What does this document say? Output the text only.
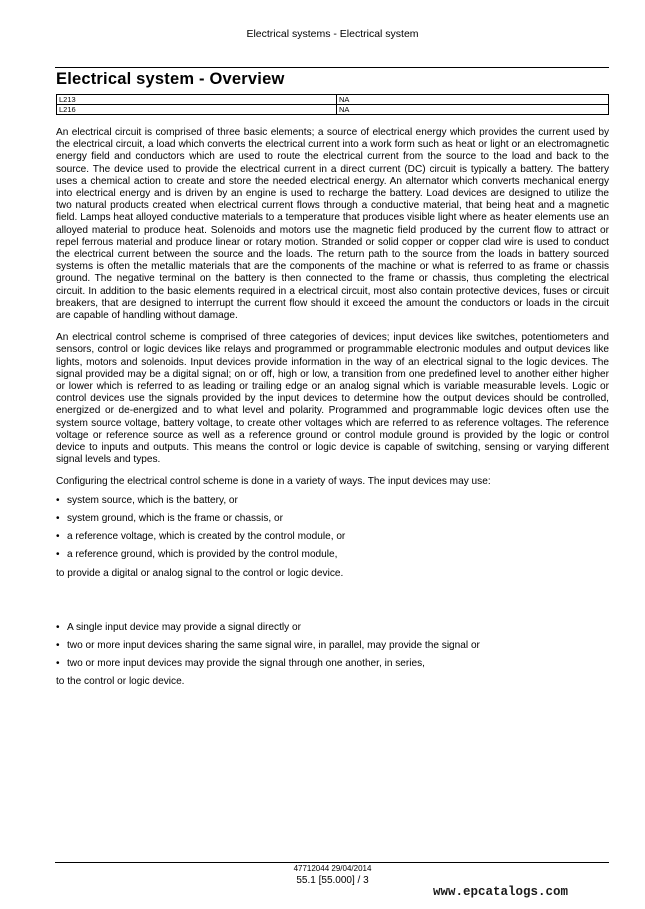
Electrical systems - Electrical system
Electrical system - Overview
L213	NA
L216	NA

An electrical circuit is comprised of three basic elements; a source of electrical energy which provides the current used by the electrical circuit, a load which converts the electrical current into a work form such as heat or light or an electromagnetic energy field and conductors which are used to route the electrical current from the source to the load and back to the source. The device used to provide the electrical current in a direct current (DC) circuit is typically a battery. The battery uses a chemical action to create and store the needed electrical energy. An alternator which converts mechanical energy into electrical energy and is driven by an engine is used to recharge the battery. Load devices are designed to utilize the two natural products created when electrical current flows through a conductive material, that being heat and a magnetic field. Lamps heat alloyed conductive materials to a temperature that produces visible light where as heater elements use an alloyed material to produce heat. Solenoids and motors use the magnetic field produced by the current flow to attract or repel ferrous material and produce linear or rotary motion. Stranded or solid copper or copper clad wire is used to conduct the electrical current between the source and the loads. The return path to the source from the loads in battery sourced systems is often the metallic materials that are the components of the machine or what is referred to as frame or chassis ground. The negative terminal on the battery is then connected to the frame or chassis, thus completing the electrical circuit. In addition to the basic elements required in a electrical circuit, most also contain protective devices, fuses or circuit breakers, that are designed to interrupt the current flow should it exceed the amount the conductors or loads in the circuit are capable of handling without damage.

An electrical control scheme is comprised of three categories of devices; input devices like switches, potentiometers and sensors, control or logic devices like relays and programmed or programmable electronic modules and output devices like lights, motors and solenoids. Input devices provide information in the way of an electrical signal to the logic devices. The signal provided may be a digital signal; on or off, high or low, a transition from one predefined level to another either higher or lower which is referred to as leading or trailing edge or an analog signal which is variable measurable levels. Logic or control devices use the signals provided by the input devices to determine how the output devices should be controlled, energized or de-energized and to what level and polarity. Programmed and programmable logic devices often use the system source voltage, battery voltage, to create other voltages which are referred to as reference voltages. The reference voltage or reference source as well as a reference ground or control module ground is provided by the logic or control device to inputs and outputs. This means the control or logic device is capable of switching, sensing or varying different signal levels and types.

Configuring the electrical control scheme is done in a variety of ways. The input devices may use:

• system source, which is the battery, or
• system ground, which is the frame or chassis, or
• a reference voltage, which is created by the control module, or
• a reference ground, which is provided by the control module,

to provide a digital or analog signal to the control or logic device.

• A single input device may provide a signal directly or
• two or more input devices sharing the same signal wire, in parallel, may provide the signal or
• two or more input devices may provide the signal through one another, in series,

to the control or logic device.

47712044 29/04/2014
55.1 [55.000] / 3
www.epcatalogs.com
